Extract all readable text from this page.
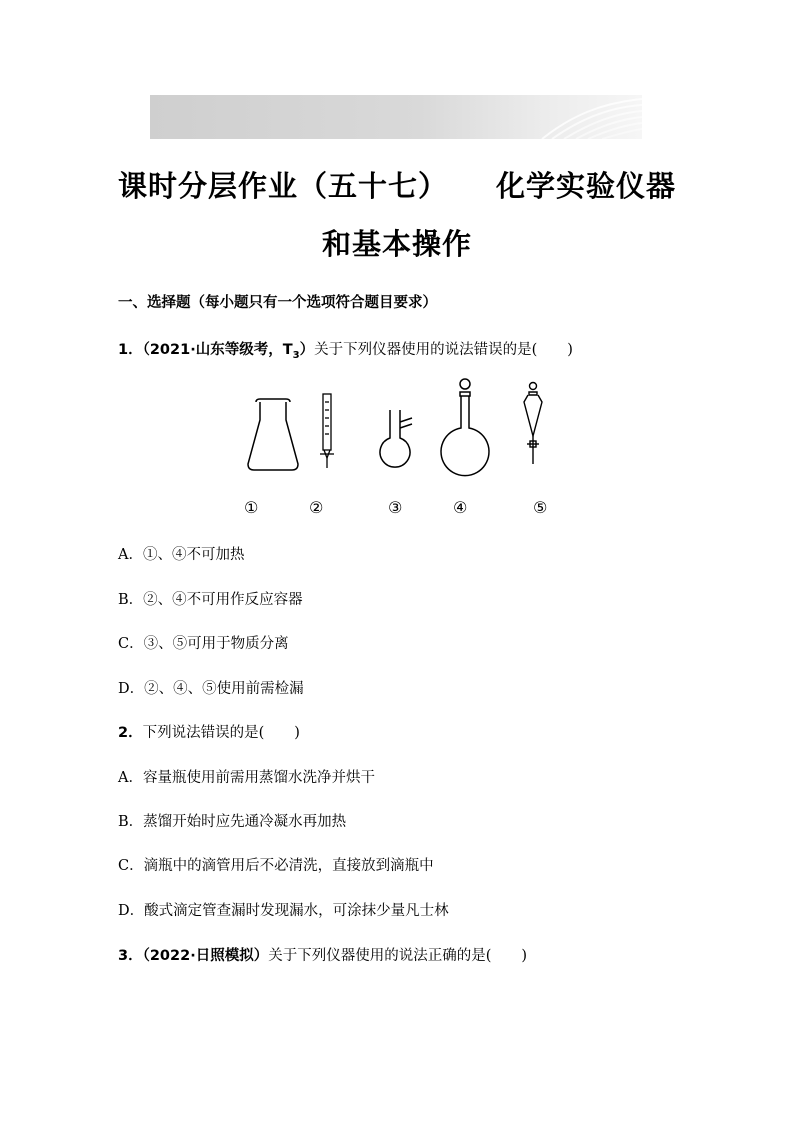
课时分层作业（五十七） 化学实验仪器
和基本操作
一、选择题（每小题只有一个选项符合题目要求）
1．（2021·山东等级考，$T_3$）关于下列仪器使用的说法错误的是( )
①	②	③	④	⑤
A．①、④不可加热
B．②、④不可用作反应容器
C．③、⑤可用于物质分离
D．②、④、⑤使用前需检漏
2．下列说法错误的是( )
A．容量瓶使用前需用蒸馏水洗净并烘干
B．蒸馏开始时应先通冷凝水再加热
C．滴瓶中的滴管用后不必清洗，直接放到滴瓶中
D．酸式滴定管查漏时发现漏水，可涂抹少量凡士林
3．（2022·日照模拟）关于下列仪器使用的说法正确的是( )
